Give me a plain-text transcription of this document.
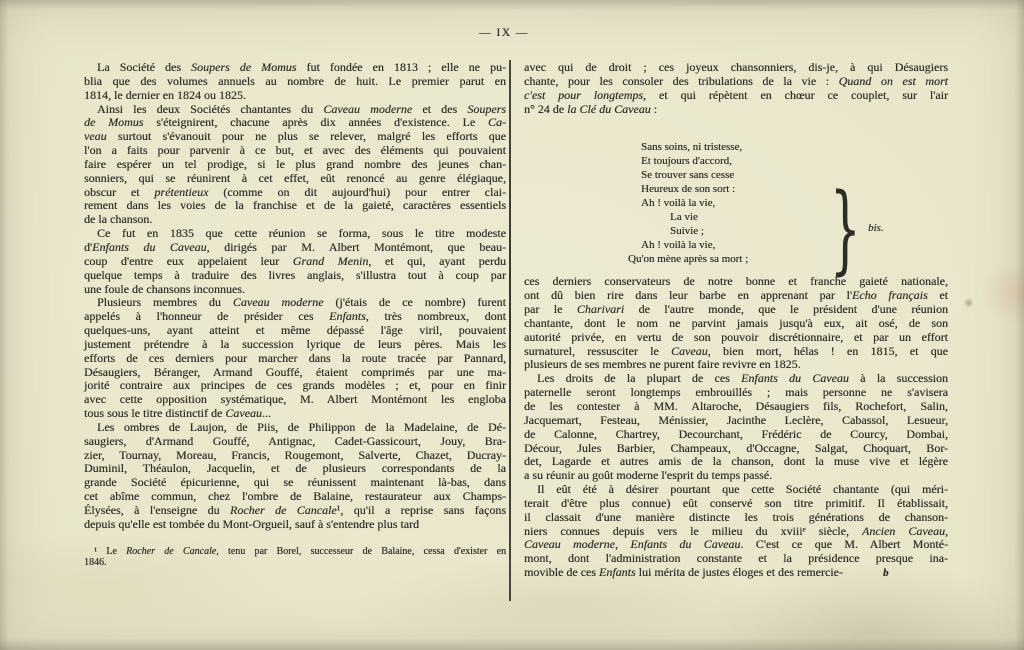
— IX —
La Société des Soupers de Momus fut fondée en 1813 ; elle ne pu-
blia que des volumes annuels au nombre de huit. Le premier parut en
1814, le dernier en 1824 ou 1825.
Ainsi les deux Sociétés chantantes du Caveau moderne et des Soupers
de Momus s'éteignirent, chacune après dix années d'existence. Le Ca-
veau surtout s'évanouit pour ne plus se relever, malgré les efforts que
l'on a faits pour parvenir à ce but, et avec des éléments qui pouvaient
faire espérer un tel prodige, si le plus grand nombre des jeunes chan-
sonniers, qui se réunirent à cet effet, eût renoncé au genre élégiaque,
obscur et prétentieux (comme on dit aujourd'hui) pour entrer clai-
rement dans les voies de la franchise et de la gaieté, caractères essentiels
de la chanson.
Ce fut en 1835 que cette réunion se forma, sous le titre modeste
d'Enfants du Caveau, dirigés par M. Albert Montémont, que beau-
coup d'entre eux appelaient leur Grand Menin, et qui, ayant perdu
quelque temps à traduire des livres anglais, s'illustra tout à coup par
une foule de chansons inconnues.
Plusieurs membres du Caveau moderne (j'étais de ce nombre) furent
appelés à l'honneur de présider ces Enfants, très nombreux, dont
quelques-uns, ayant atteint et même dépassé l'âge viril, pouvaient
justement prétendre à la succession lyrique de leurs pères. Mais les
efforts de ces derniers pour marcher dans la route tracée par Pannard,
Désaugiers, Béranger, Armand Gouffé, étaient comprimés par une ma-
jorité contraire aux principes de ces grands modèles ; et, pour en finir
avec cette opposition systématique, M. Albert Montémont les engloba
tous sous le titre distinctif de Caveau...
Les ombres de Laujon, de Piis, de Philippon de la Madelaine, de Dé-
saugiers, d'Armand Gouffé, Antignac, Cadet-Gassicourt, Jouy, Bra-
zier, Tournay, Moreau, Francis, Rougemont, Salverte, Chazet, Ducray-
Duminil, Théaulon, Jacquelin, et de plusieurs correspondants de la
grande Société épicurienne, qui se réunissent maintenant là-bas, dans
cet abîme commun, chez l'ombre de Balaine, restaurateur aux Champs-
Élysées, à l'enseigne du Rocher de Cancale¹, qu'il a reprise sans façons
depuis qu'elle est tombée du Mont-Orgueil, sauf à s'entendre plus tard
¹ Le Rocher de Cancale, tenu par Borel, successeur de Balaine, cessa d'exister en
1846.
avec qui de droit ; ces joyeux chansonniers, dis-je, à qui Désaugiers
chante, pour les consoler des tribulations de la vie : Quand on est mort
c'est pour longtemps, et qui répètent en chœur ce couplet, sur l'air
n° 24 de la Clé du Caveau :
Sans soins, ni tristesse,
Et toujours d'accord,
Se trouver sans cesse
Heureux de son sort :
Ah ! voilà la vie,
La vie
Suivie ;
Ah ! voilà la vie,
Qu'on mène après sa mort ; } bis.
ces derniers conservateurs de notre bonne et franche gaieté nationale,
ont dû bien rire dans leur barbe en apprenant par l'Echo français et
par le Charivari de l'autre monde, que le président d'une réunion
chantante, dont le nom ne parvint jamais jusqu'à eux, ait osé, de son
autorité privée, en vertu de son pouvoir discrétionnaire, et par un effort
surnaturel, ressusciter le Caveau, bien mort, hélas ! en 1815, et que
plusieurs de ses membres ne purent faire revivre en 1825.
Les droits de la plupart de ces Enfants du Caveau à la succession
paternelle seront longtemps embrouillés ; mais personne ne s'avisera
de les contester à MM. Altaroche, Désaugiers fils, Rochefort, Salin,
Jacquemart, Festeau, Ménissier, Jacinthe Leclère, Cabassol, Lesueur,
de Calonne, Chartrey, Decourchant, Frédéric de Courcy, Dombai,
Décour, Jules Barbier, Champeaux, d'Occagne, Salgat, Choquart, Bor-
det, Lagarde et autres amis de la chanson, dont la muse vive et légère
a su réunir au goût moderne l'esprit du temps passé.
Il eût été à désirer pourtant que cette Société chantante (qui méri-
terait d'être plus connue) eût conservé son titre primitif. Il établissait,
il classait d'une manière distincte les trois générations de chanson-
niers connues depuis vers le milieu du xviiiᵉ siècle, Ancien Caveau,
Caveau moderne, Enfants du Caveau. C'est ce que M. Albert Monté-
mont, dont l'administration constante et la présidence presque ina-
movible de ces Enfants lui mérita de justes éloges et des remercie-	b
